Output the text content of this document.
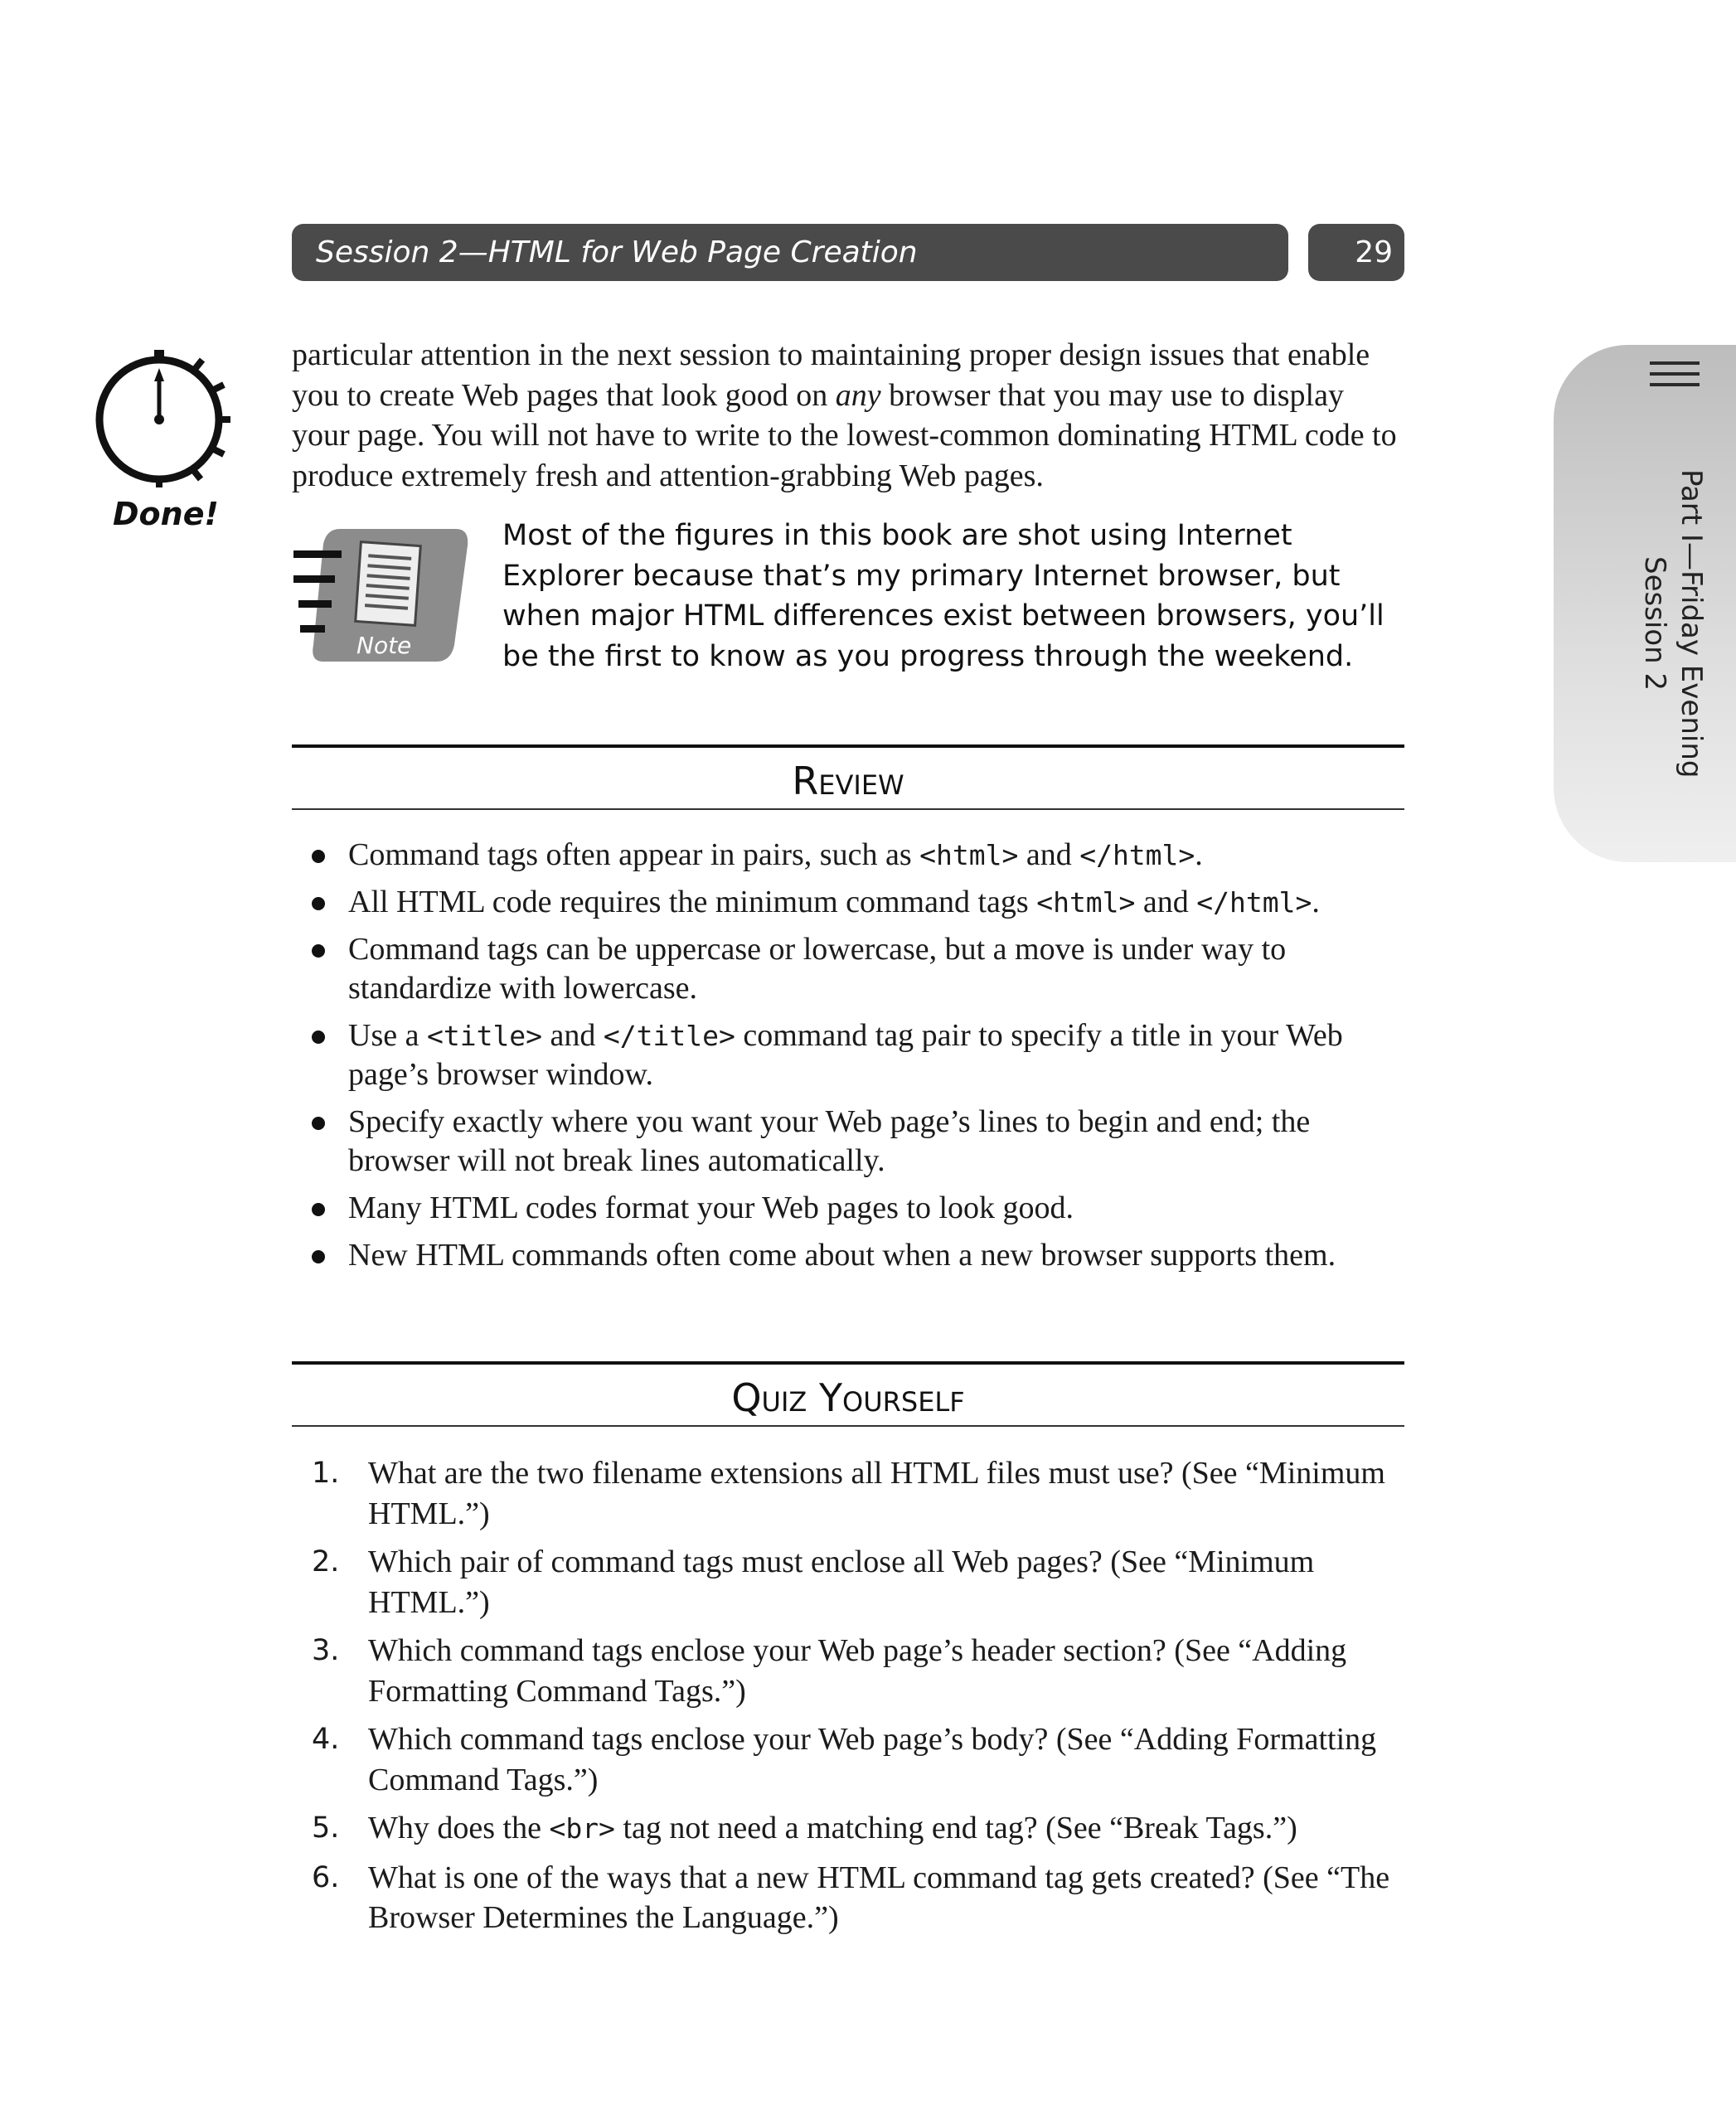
Session 2—HTML for Web Page Creation	29
Part I—Friday Evening
Session 2
Done!

particular attention in the next session to maintaining proper design issues that enable you to create Web pages that look good on any browser that you may use to display your page. You will not have to write to the lowest-common dominating HTML code to produce extremely fresh and attention-grabbing Web pages.

Note

Most of the figures in this book are shot using Internet Explorer because that’s my primary Internet browser, but when major HTML differences exist between browsers, you’ll be the first to know as you progress through the weekend.

Review
Command tags often appear in pairs, such as <html> and </html>.
All HTML code requires the minimum command tags <html> and </html>.
Command tags can be uppercase or lowercase, but a move is under way to standardize with lowercase.
Use a <title> and </title> command tag pair to specify a title in your Web page’s browser window.
Specify exactly where you want your Web page’s lines to begin and end; the browser will not break lines automatically.
Many HTML codes format your Web pages to look good.
New HTML commands often come about when a new browser supports them.
Quiz Yourself
1. What are the two filename extensions all HTML files must use? (See “Minimum HTML.”)
2. Which pair of command tags must enclose all Web pages? (See “Minimum HTML.”)
3. Which command tags enclose your Web page’s header section? (See “Adding Formatting Command Tags.”)
4. Which command tags enclose your Web page’s body? (See “Adding Formatting Command Tags.”)
5. Why does the <br> tag not need a matching end tag? (See “Break Tags.”)
6. What is one of the ways that a new HTML command tag gets created? (See “The Browser Determines the Language.”)
